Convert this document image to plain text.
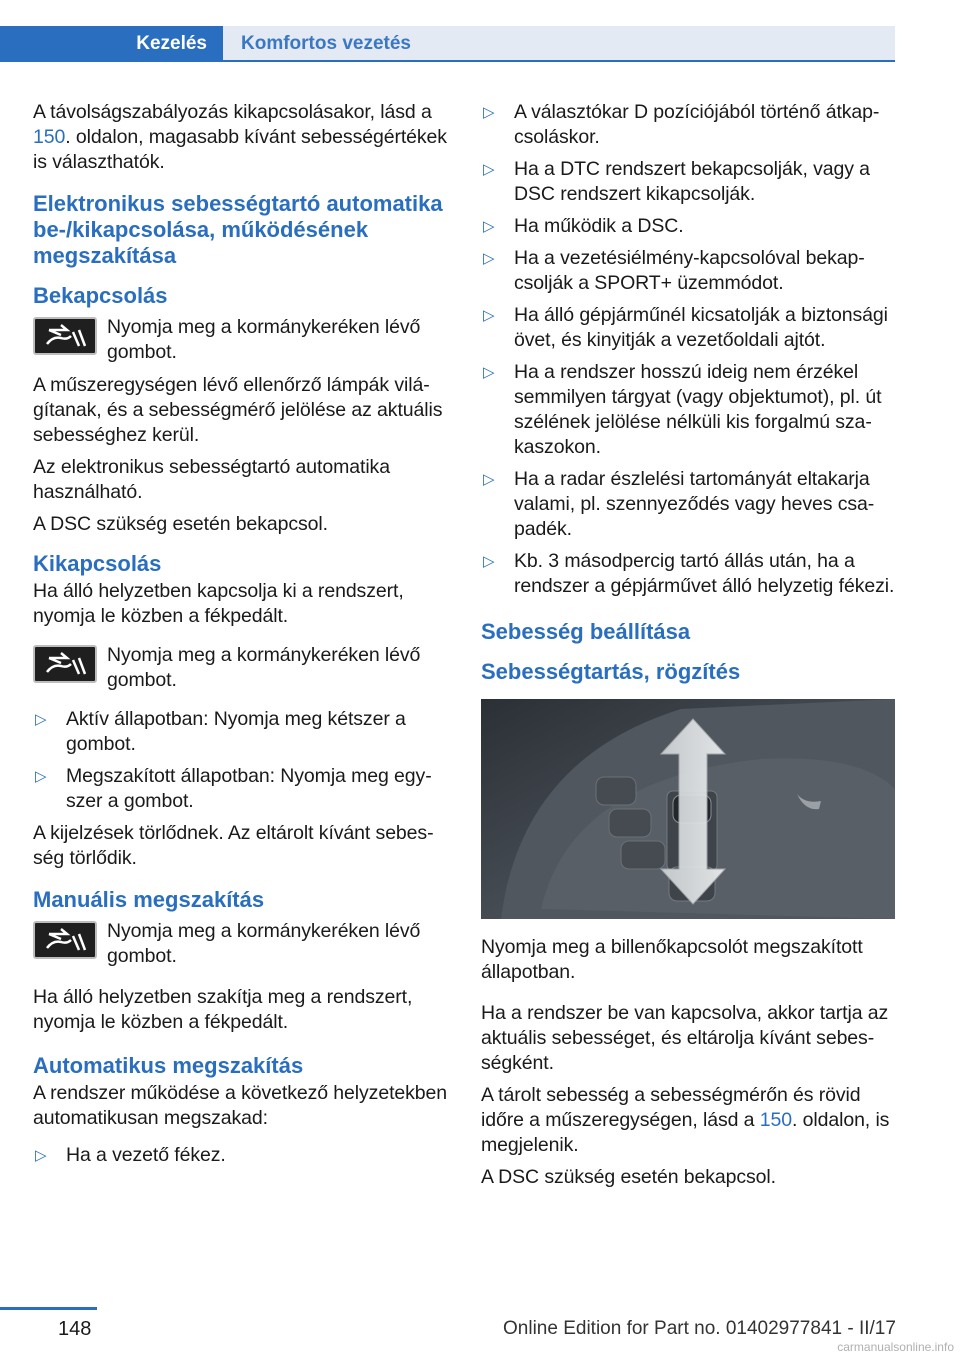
Kezelés	Komfortos vezetés

A távolságszabályozás kikapcsolásakor, lásd a 150. oldalon, magasabb kívánt sebességértékek is választhatók.

Elektronikus sebességtartó automatika be-/kikapcsolása, működésének megszakítása
Bekapcsolás

Nyomja meg a kormánykeréken lévő gombot.

A műszeregységen lévő ellenőrző lámpák világítanak, és a sebességmérő jelölése az aktuális sebességhez kerül.

Az elektronikus sebességtartó automatika használható.

A DSC szükség esetén bekapcsol.

Kikapcsolás

Ha álló helyzetben kapcsolja ki a rendszert, nyomja le közben a fékpedált.

Nyomja meg a kormánykeréken lévő gombot.

▷	Aktív állapotban: Nyomja meg kétszer a gombot.
▷	Megszakított állapotban: Nyomja meg egyszer a gombot.

A kijelzések törlődnek. Az eltárolt kívánt sebesség törlődik.

Manuális megszakítás

Nyomja meg a kormánykeréken lévő gombot.

Ha álló helyzetben szakítja meg a rendszert, nyomja le közben a fékpedált.

Automatikus megszakítás

A rendszer működése a következő helyzetekben automatikusan megszakad:

▷	Ha a vezető fékez.
▷	A választókar D pozíciójából történő átkapcsoláskor.
▷	Ha a DTC rendszert bekapcsolják, vagy a DSC rendszert kikapcsolják.
▷	Ha működik a DSC.
▷	Ha a vezetésiélmény-kapcsolóval bekapcsolják a SPORT+ üzemmódot.
▷	Ha álló gépjárműnél kicsatolják a biztonsági övet, és kinyitják a vezetőoldali ajtót.
▷	Ha a rendszer hosszú ideig nem érzékel semmilyen tárgyat (vagy objektumot), pl. út szélének jelölése nélküli kis forgalmú szakaszokon.
▷	Ha a radar észlelési tartományát eltakarja valami, pl. szennyeződés vagy heves csapadék.
▷	Kb. 3 másodpercig tartó állás után, ha a rendszer a gépjárművet álló helyzetig fékezi.
Sebesség beállítása
Sebességtartás, rögzítés

Nyomja meg a billenőkapcsolót megszakított állapotban.

Ha a rendszer be van kapcsolva, akkor tartja az aktuális sebességet, és eltárolja kívánt sebességként.

A tárolt sebesség a sebességmérőn és rövid időre a műszeregységen, lásd a 150. oldalon, is megjelenik.

A DSC szükség esetén bekapcsol.

148	Online Edition for Part no. 01402977841 - II/17
carmanualsonline.info
